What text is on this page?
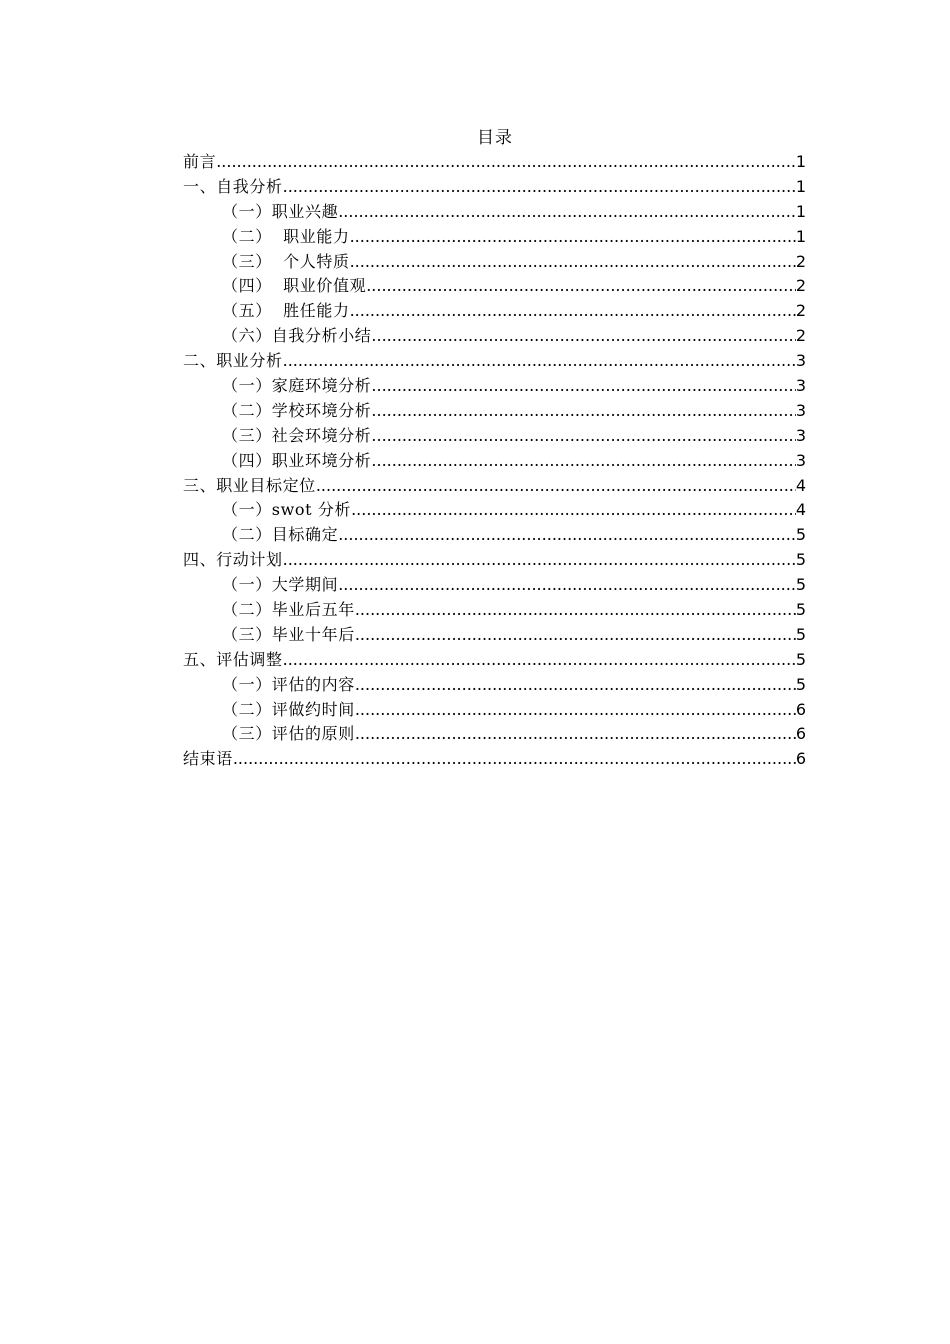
目录
前言 .....	1
一、自我分析 .....	1
（一）职业兴趣 .....	1
（二）  职业能力 .....	1
（三）  个人特质 .....	2
（四）  职业价值观 .....	2
（五）  胜任能力 .....	2
（六）自我分析小结 .....	2
二、职业分析 .....	3
（一）家庭环境分析 .....	3
（二）学校环境分析 .....	3
（三）社会环境分析 .....	3
（四）职业环境分析 .....	3
三、职业目标定位 .....	4
（一）swot 分析 .....	4
（二）目标确定 .....	5
四、行动计划 .....	5
（一）大学期间 .....	5
（二）毕业后五年 .....	5
（三）毕业十年后 .....	5
五、评估调整 .....	5
（一）评估的内容 .....	5
（二）评做约时间 .....	6
（三）评估的原则 .....	6
结束语 .....	6
